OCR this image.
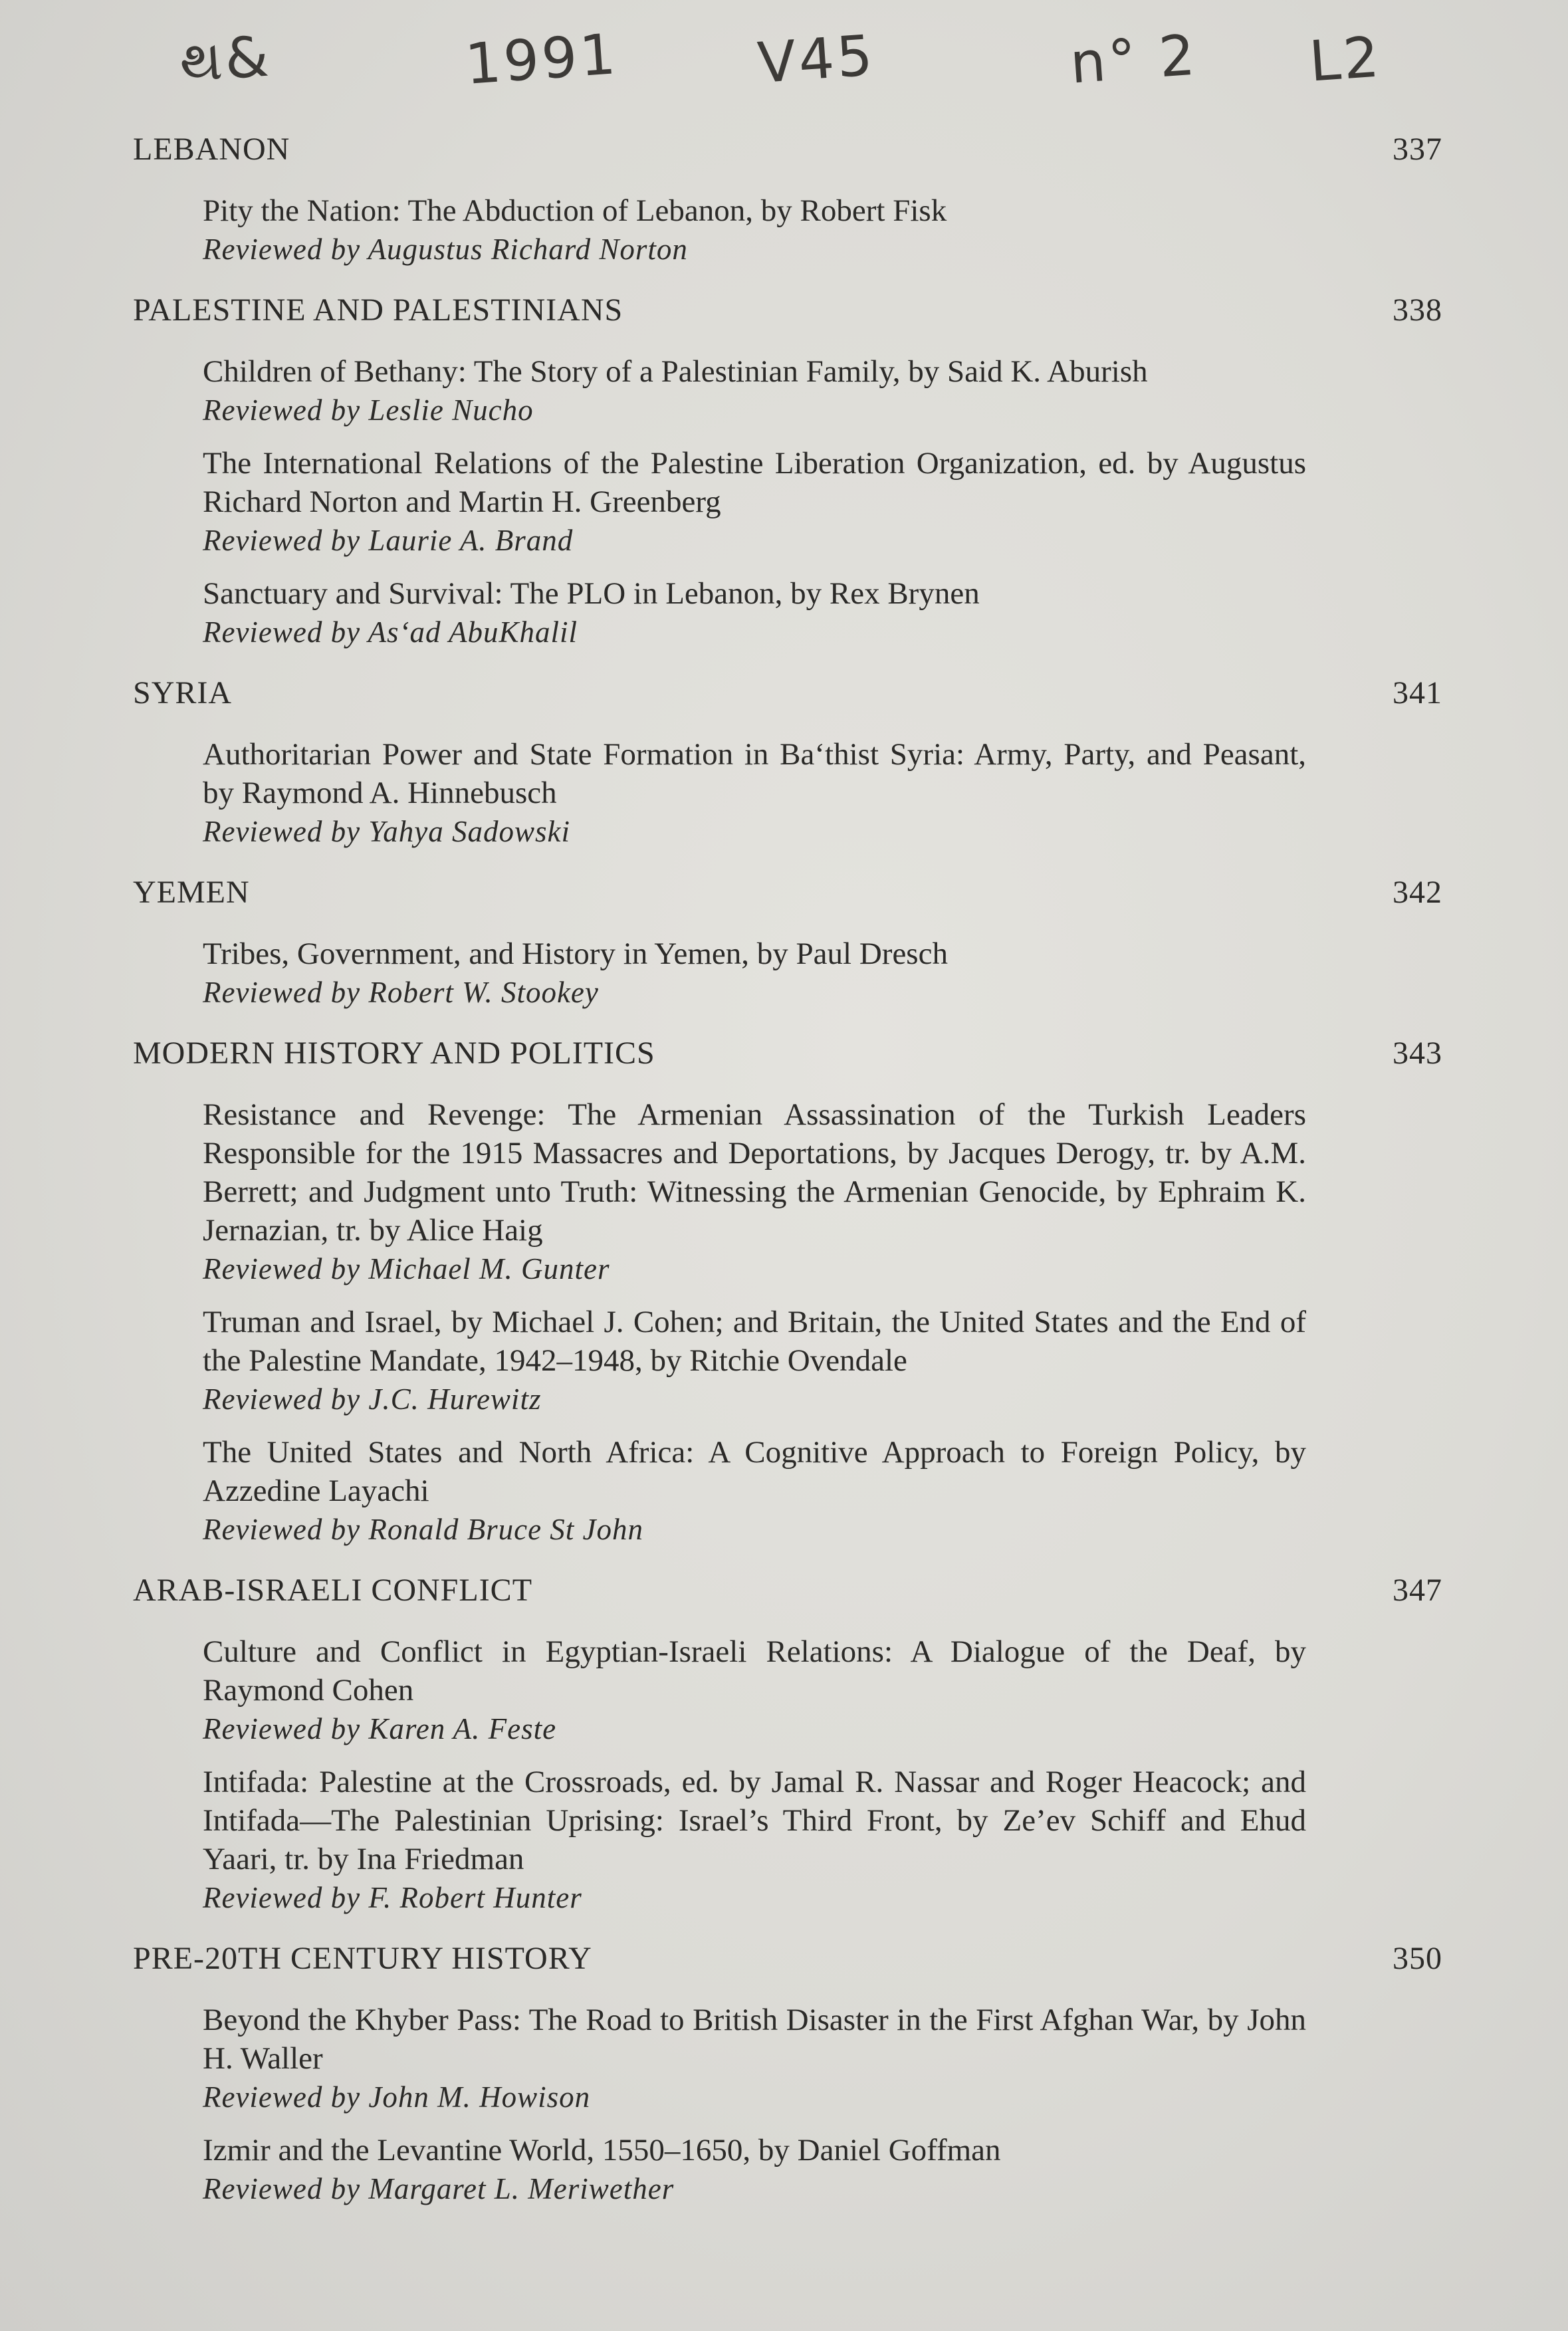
થ&	1991 V45	n° 2 L2
LEBANON	337
Pity the Nation: The Abduction of Lebanon, by Robert Fisk
Reviewed by Augustus Richard Norton
PALESTINE AND PALESTINIANS	338
Children of Bethany: The Story of a Palestinian Family, by Said K. Aburish
Reviewed by Leslie Nucho
The International Relations of the Palestine Liberation Organization, ed. by Augustus Richard Norton and Martin H. Greenberg
Reviewed by Laurie A. Brand
Sanctuary and Survival: The PLO in Lebanon, by Rex Brynen
Reviewed by As‘ad AbuKhalil
SYRIA	341
Authoritarian Power and State Formation in Ba‘thist Syria: Army, Party, and Peasant, by Raymond A. Hinnebusch
Reviewed by Yahya Sadowski
YEMEN	342
Tribes, Government, and History in Yemen, by Paul Dresch
Reviewed by Robert W. Stookey
MODERN HISTORY AND POLITICS	343
Resistance and Revenge: The Armenian Assassination of the Turkish Leaders Responsible for the 1915 Massacres and Deportations, by Jacques Derogy, tr. by A.M. Berrett; and Judgment unto Truth: Witnessing the Armenian Genocide, by Ephraim K. Jernazian, tr. by Alice Haig
Reviewed by Michael M. Gunter
Truman and Israel, by Michael J. Cohen; and Britain, the United States and the End of the Palestine Mandate, 1942–1948, by Ritchie Ovendale
Reviewed by J.C. Hurewitz
The United States and North Africa: A Cognitive Approach to Foreign Policy, by Azzedine Layachi
Reviewed by Ronald Bruce St John
ARAB-ISRAELI CONFLICT	347
Culture and Conflict in Egyptian-Israeli Relations: A Dialogue of the Deaf, by Raymond Cohen
Reviewed by Karen A. Feste
Intifada: Palestine at the Crossroads, ed. by Jamal R. Nassar and Roger Heacock; and Intifada—The Palestinian Uprising: Israel’s Third Front, by Ze’ev Schiff and Ehud Yaari, tr. by Ina Friedman
Reviewed by F. Robert Hunter
PRE-20TH CENTURY HISTORY	350
Beyond the Khyber Pass: The Road to British Disaster in the First Afghan War, by John H. Waller
Reviewed by John M. Howison
Izmir and the Levantine World, 1550–1650, by Daniel Goffman
Reviewed by Margaret L. Meriwether
